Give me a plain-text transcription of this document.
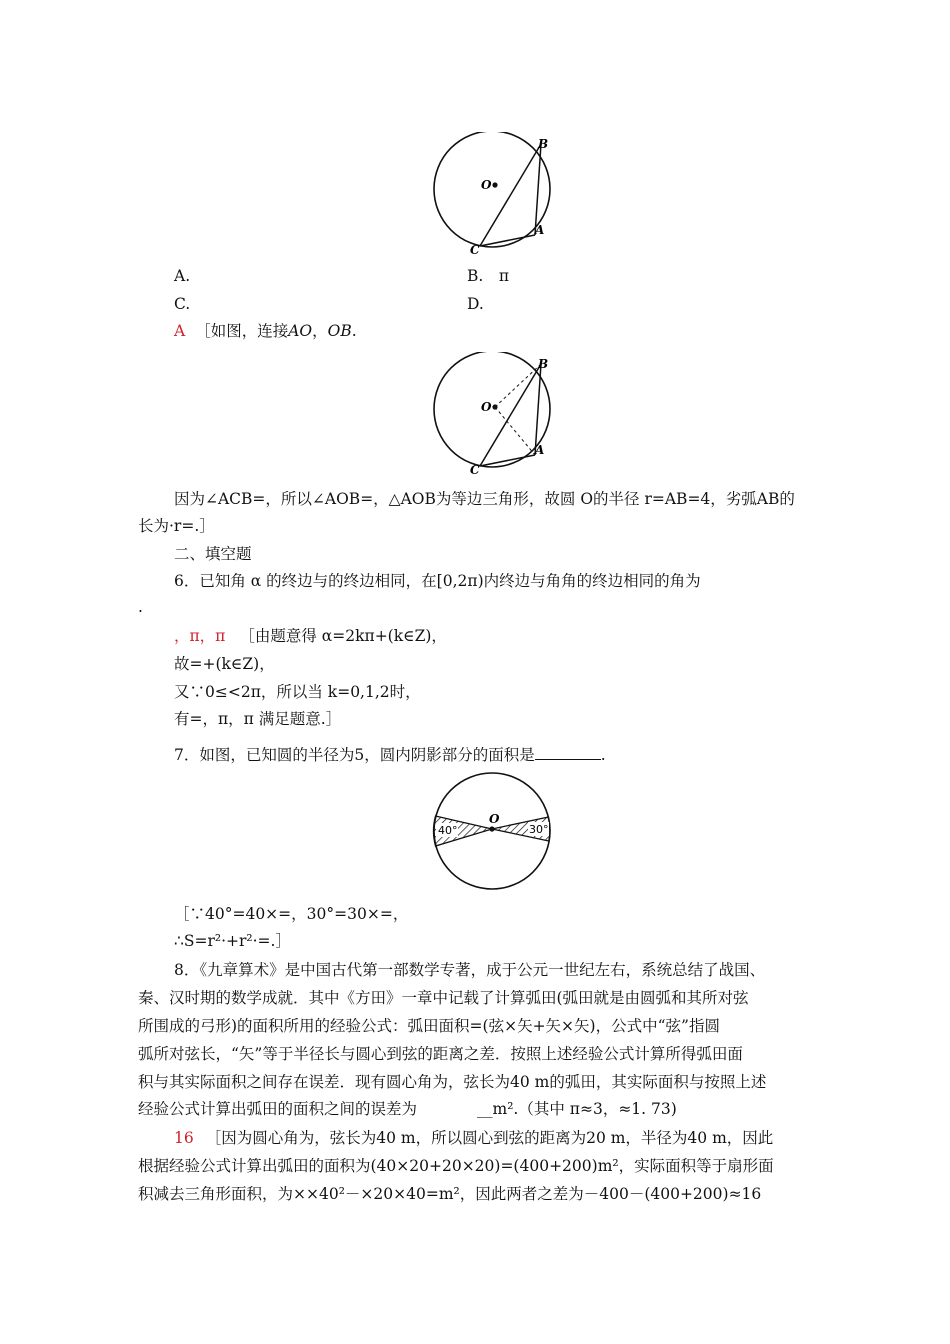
B
O
C
A
A.	B.　π
C.	D.
A ［如图，连接AO，OB.
B
O
C
A
因为∠ACB=，所以∠AOB=，△AOB为等边三角形，故圆 O的半径 r=AB=4，劣弧AB的
长为·r=.］
二、填空题
6．已知角 α 的终边与的终边相同，在[0,2π)内终边与角角的终边相同的角为
.
，π，π ［由题意得 α=2kπ+(k∈Z)，
故=+(k∈Z)，
又∵0≤<2π，所以当 k=0,1,2时，
有=，π，π 满足题意.］
7．如图，已知圆的半径为5，圆内阴影部分的面积是	.
40°	30°
O
［∵40°=40×=，30°=30×=，
∴S=r²·+r²·=.］
8．《九章算术》是中国古代第一部数学专著，成于公元一世纪左右，系统总结了战国、
秦、汉时期的数学成就．其中《方田》一章中记载了计算弧田(弧田就是由圆弧和其所对弦
所围成的弓形)的面积所用的经验公式：弧田面积=(弦×矢+矢×矢)，公式中“弦”指圆
弧所对弦长，“矢”等于半径长与圆心到弦的距离之差．按照上述经验公式计算所得弧田面
积与其实际面积之间存在误差．现有圆心角为，弦长为40 m的弧田，其实际面积与按照上述
经验公式计算出弧田的面积之间的误差为	__m².（其中 π≈3，≈1. 73)
16 ［因为圆心角为，弦长为40 m，所以圆心到弦的距离为20 m，半径为40 m，因此
根据经验公式计算出弧田的面积为(40×20+20×20)=(400+200)m²，实际面积等于扇形面
积减去三角形面积，为××40²－×20×40=m²，因此两者之差为－400－(400+200)≈16
